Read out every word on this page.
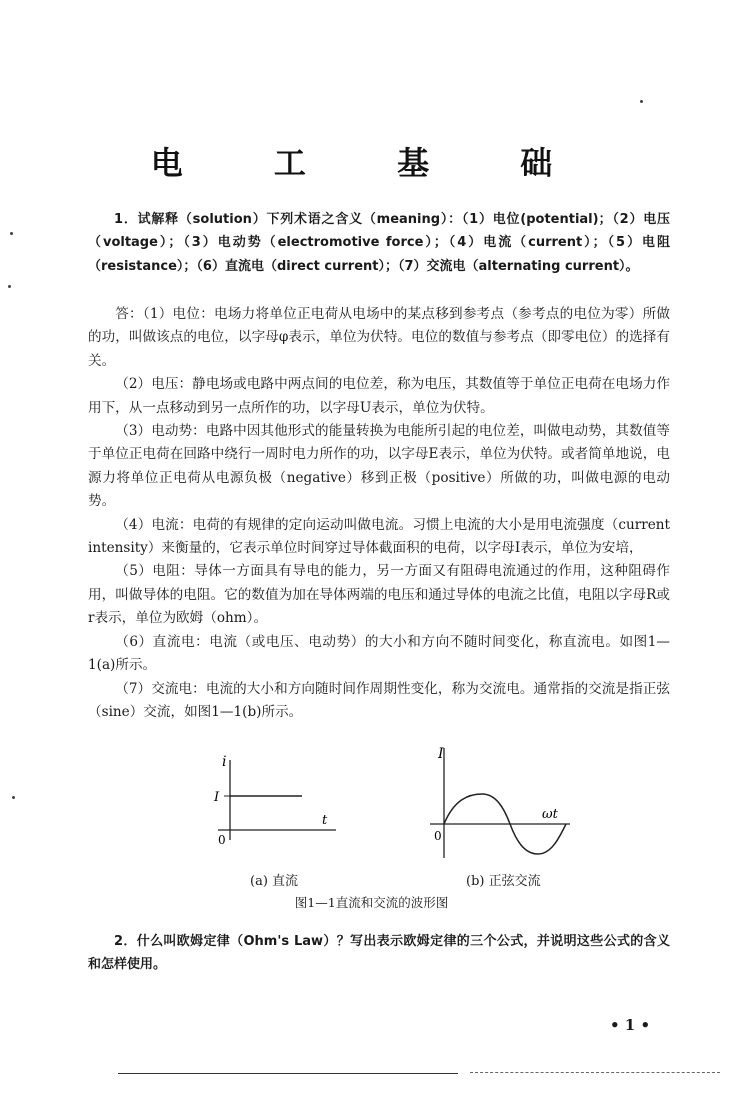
电 工 基 础

1．试解释（solution）下列术语之含义（meaning）：（1）电位(potential)；（2）电压（voltage）；（3）电动势（electromotive force）；（4）电流（current）；（5）电阻（resistance）；（6）直流电（direct current）；（7）交流电（alternating current）。

答：（1）电位：电场力将单位正电荷从电场中的某点移到参考点（参考点的电位为零）所做的功，叫做该点的电位，以字母φ表示，单位为伏特。电位的数值与参考点（即零电位）的选择有关。

（2）电压：静电场或电路中两点间的电位差，称为电压，其数值等于单位正电荷在电场力作用下，从一点移动到另一点所作的功，以字母U表示，单位为伏特。

（3）电动势：电路中因其他形式的能量转换为电能所引起的电位差，叫做电动势，其数值等于单位正电荷在回路中绕行一周时电力所作的功，以字母E表示，单位为伏特。或者简单地说，电源力将单位正电荷从电源负极（negative）移到正极（positive）所做的功，叫做电源的电动势。

（4）电流：电荷的有规律的定向运动叫做电流。习惯上电流的大小是用电流强度（current intensity）来衡量的，它表示单位时间穿过导体截面积的电荷，以字母I表示，单位为安培，

（5）电阻：导体一方面具有导电的能力，另一方面又有阻碍电流通过的作用，这种阻碍作用，叫做导体的电阻。它的数值为加在导体两端的电压和通过导体的电流之比值，电阻以字母R或r表示，单位为欧姆（ohm）。

（6）直流电：电流（或电压、电动势）的大小和方向不随时间变化，称直流电。如图1—1(a)所示。

（7）交流电：电流的大小和方向随时间作周期性变化，称为交流电。通常指的交流是指正弦（sine）交流，如图1—1(b)所示。

i
I
t
0
I
ωt
0
(a) 直流	(b) 正弦交流
图1—1直流和交流的波形图

2．什么叫欧姆定律（Ohm's Law）？写出表示欧姆定律的三个公式，并说明这些公式的含义和怎样使用。

• 1 •
